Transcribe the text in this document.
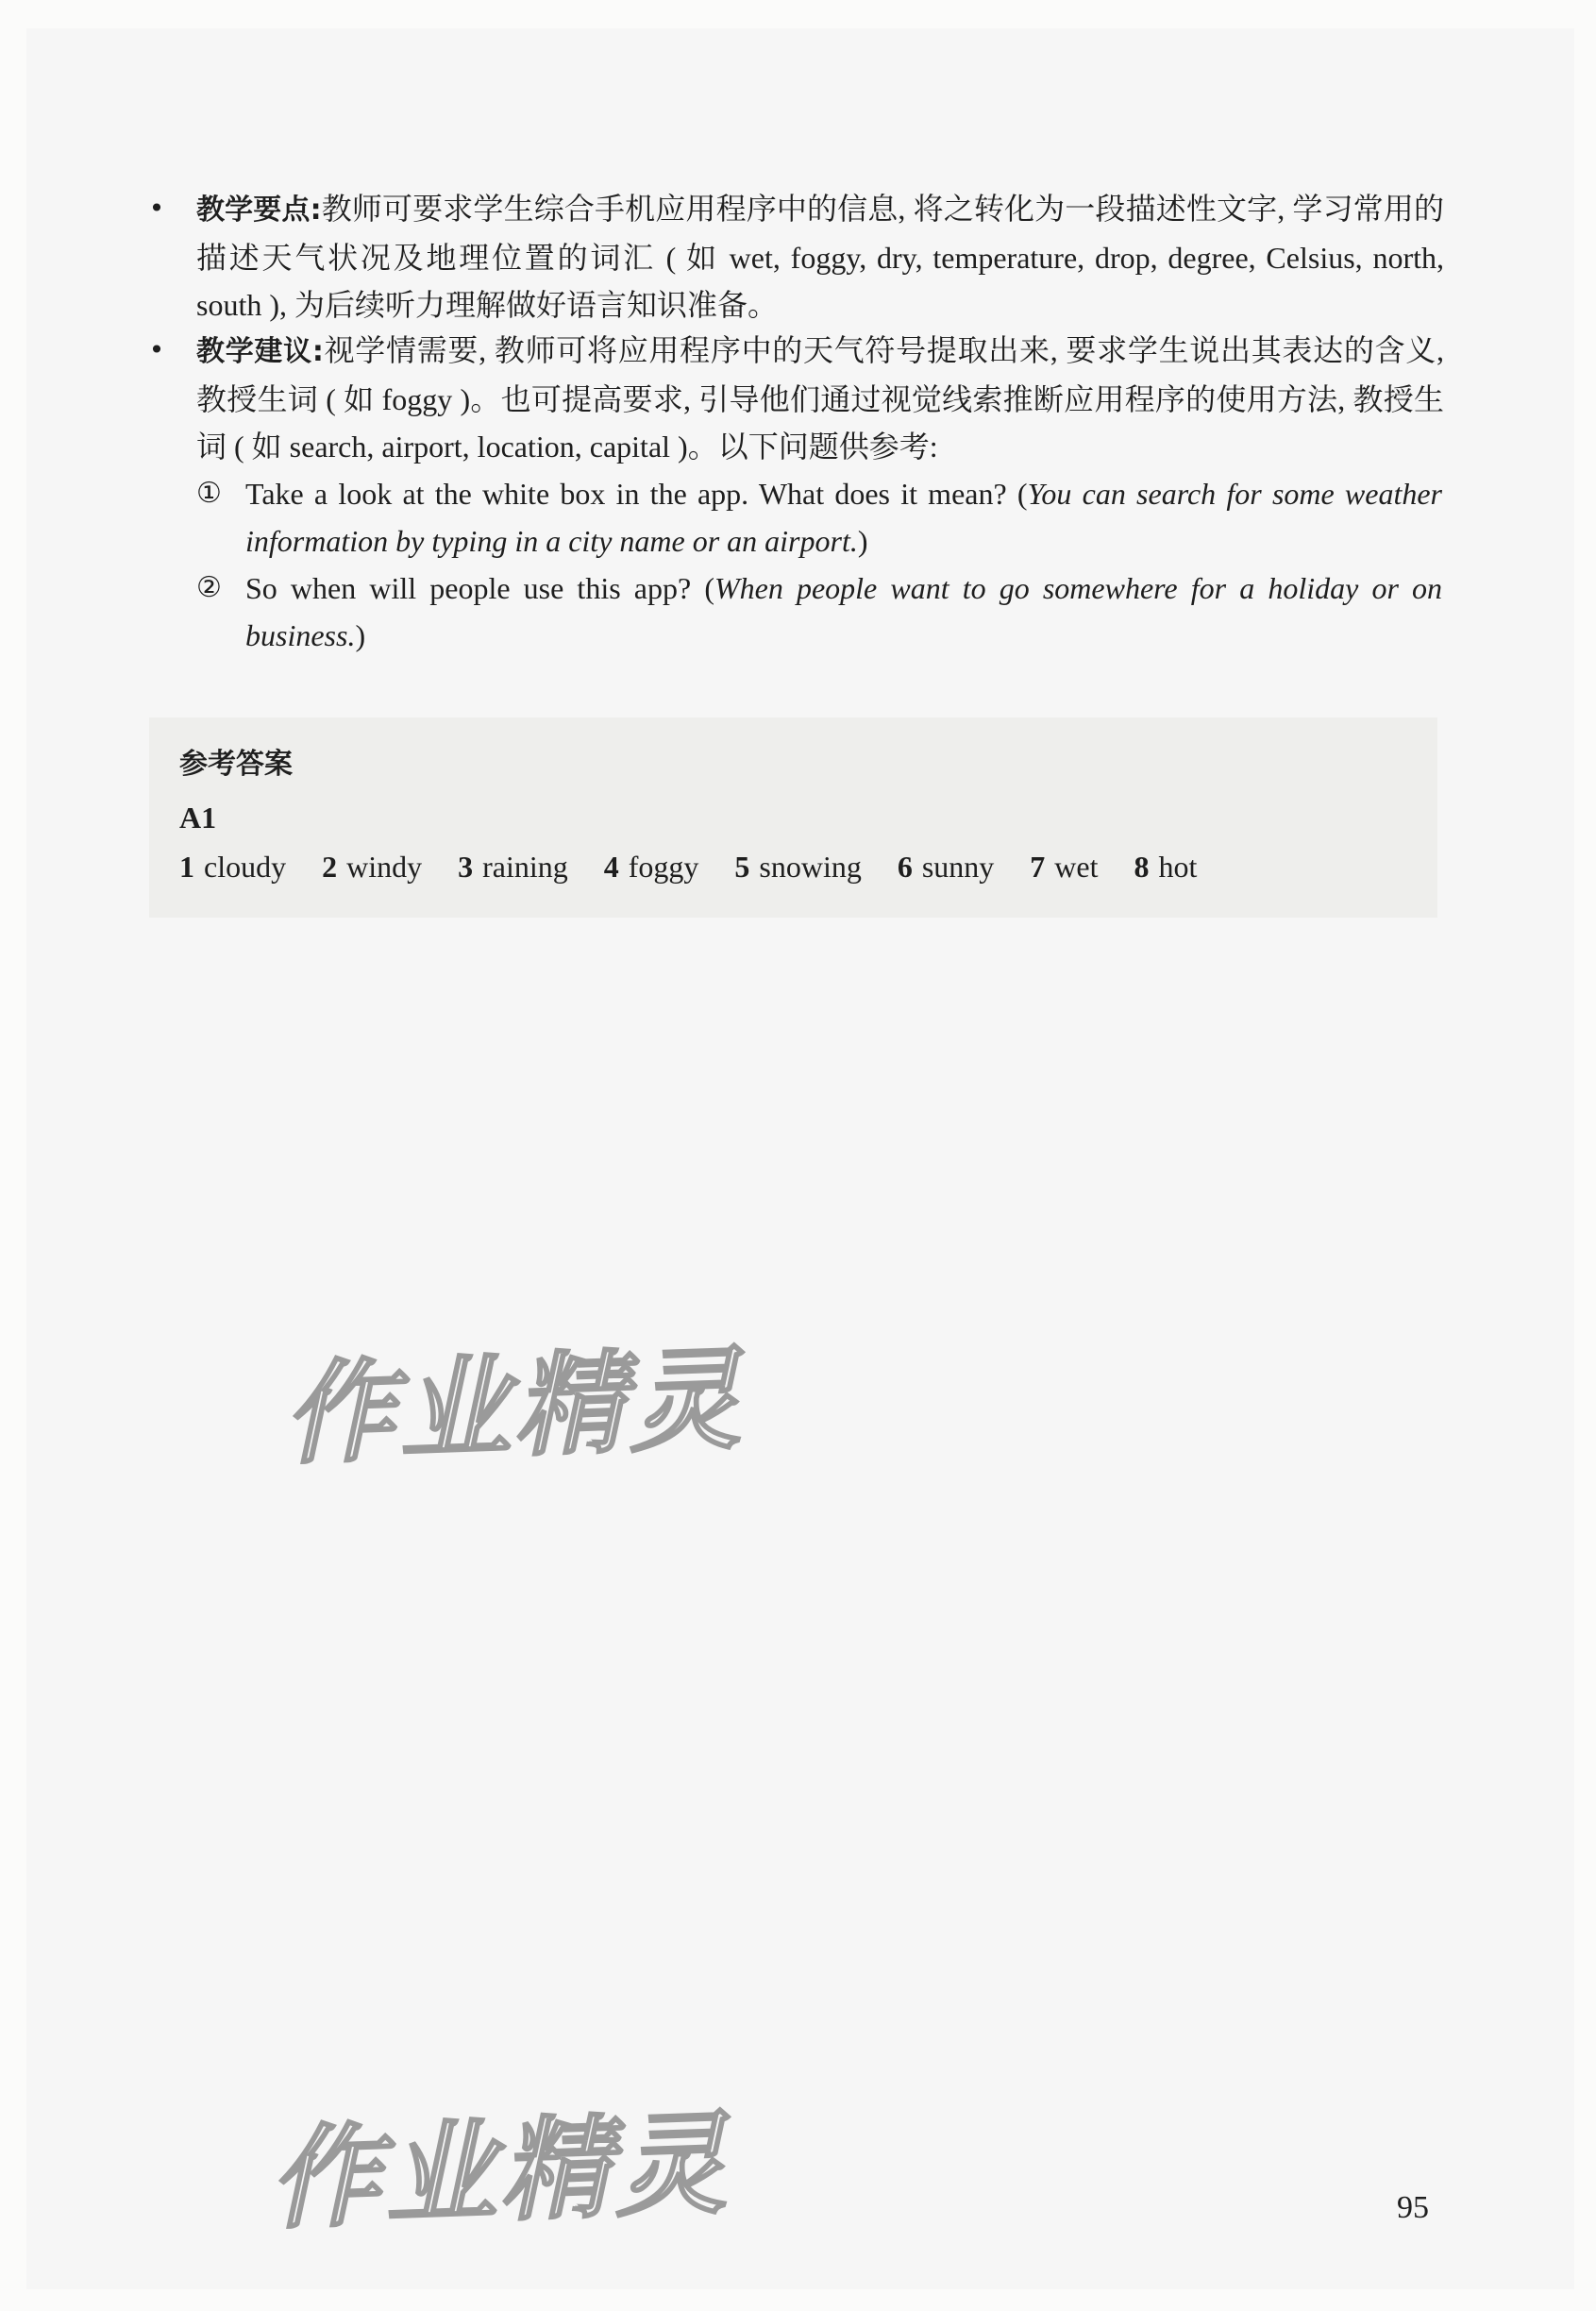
• 教学要点:教师可要求学生综合手机应用程序中的信息, 将之转化为一段描述性文字, 学习常用的描述天气状况及地理位置的词汇 ( 如 wet, foggy, dry, temperature, drop, degree, Celsius, north, south ), 为后续听力理解做好语言知识准备。
• 教学建议:视学情需要, 教师可将应用程序中的天气符号提取出来, 要求学生说出其表达的含义, 教授生词 ( 如 foggy )。也可提高要求, 引导他们通过视觉线索推断应用程序的使用方法, 教授生词 ( 如 search, airport, location, capital )。以下问题供参考:
① Take a look at the white box in the app. What does it mean? (You can search for some weather information by typing in a city name or an airport.)
② So when will people use this app? (When people want to go somewhere for a holiday or on business.)
参考答案
A1
1 cloudy 2 windy 3 raining 4 foggy 5 snowing 6 sunny 7 wet 8 hot
作业精灵
作业精灵	95
